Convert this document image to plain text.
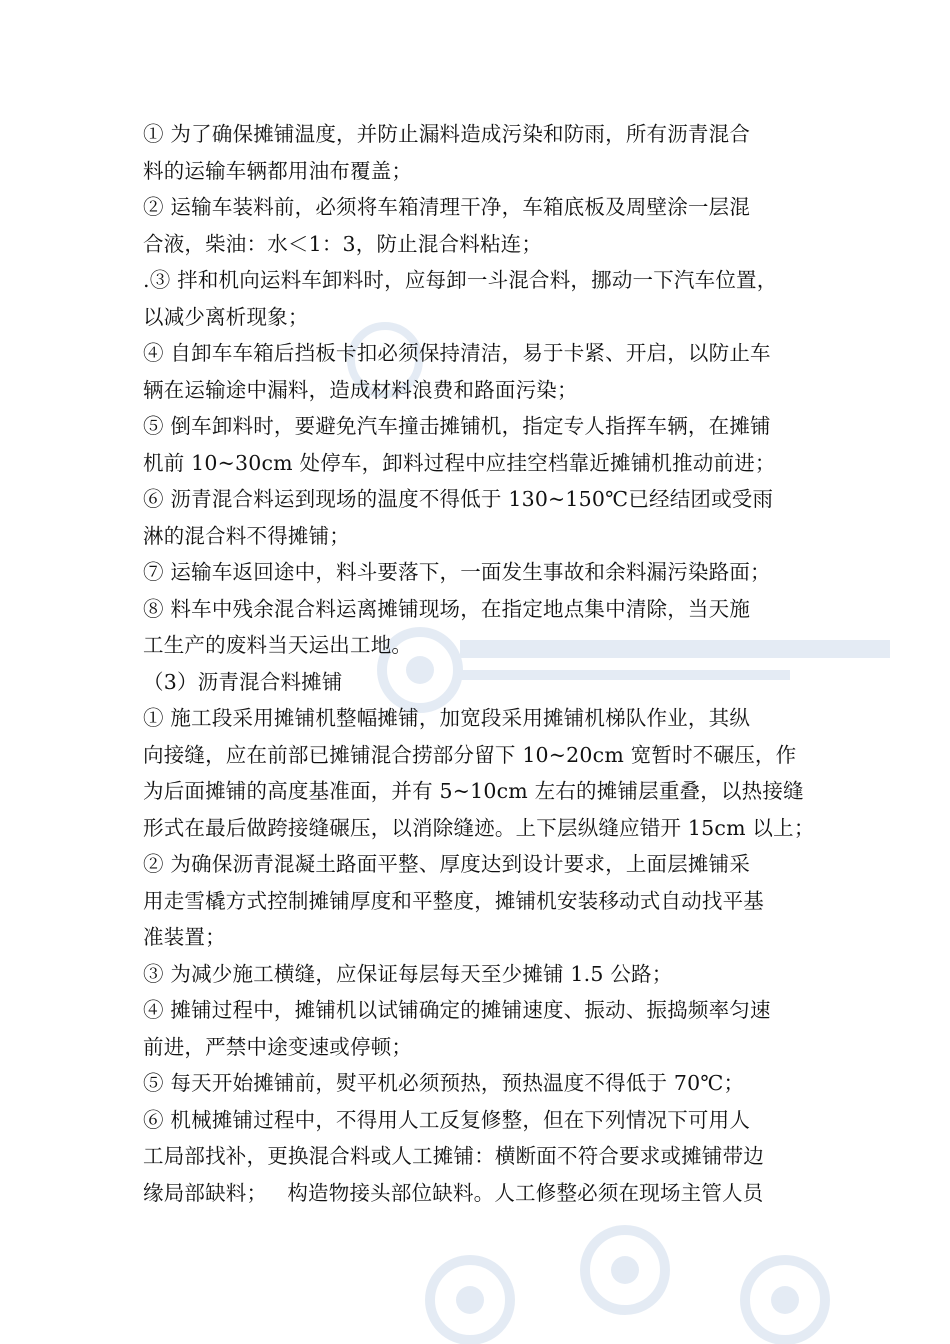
① 为了确保摊铺温度，并防止漏料造成污染和防雨，所有沥青混合

料的运输车辆都用油布覆盖；

② 运输车装料前，必须将车箱清理干净，车箱底板及周壁涂一层混

合液，柴油：水＜1：3，防止混合料粘连；

.③ 拌和机向运料车卸料时，应每卸一斗混合料，挪动一下汽车位置，

以减少离析现象；

④ 自卸车车箱后挡板卡扣必须保持清洁，易于卡紧、开启，以防止车

辆在运输途中漏料，造成材料浪费和路面污染；

⑤ 倒车卸料时，要避免汽车撞击摊铺机，指定专人指挥车辆，在摊铺

机前 10~30cm 处停车，卸料过程中应挂空档靠近摊铺机推动前进；

⑥ 沥青混合料运到现场的温度不得低于 130~150℃已经结团或受雨

淋的混合料不得摊铺；

⑦ 运输车返回途中，料斗要落下，一面发生事故和余料漏污染路面；

⑧ 料车中残余混合料运离摊铺现场，在指定地点集中清除，当天施

工生产的废料当天运出工地。

（3）沥青混合料摊铺

① 施工段采用摊铺机整幅摊铺，加宽段采用摊铺机梯队作业，其纵

向接缝，应在前部已摊铺混合捞部分留下 10~20cm 宽暂时不碾压，作

为后面摊铺的高度基准面，并有 5~10cm 左右的摊铺层重叠，以热接缝

形式在最后做跨接缝碾压，以消除缝迹。上下层纵缝应错开 15cm 以上；

② 为确保沥青混凝土路面平整、厚度达到设计要求，上面层摊铺采

用走雪橇方式控制摊铺厚度和平整度，摊铺机安装移动式自动找平基

准装置；

③ 为减少施工横缝，应保证每层每天至少摊铺 1.5 公路；

④ 摊铺过程中，摊铺机以试铺确定的摊铺速度、振动、振捣频率匀速

前进，严禁中途变速或停顿；

⑤ 每天开始摊铺前，熨平机必须预热，预热温度不得低于 70℃；

⑥ 机械摊铺过程中，不得用人工反复修整，但在下列情况下可用人

工局部找补，更换混合料或人工摊铺：横断面不符合要求或摊铺带边

缘局部缺料；   构造物接头部位缺料。人工修整必须在现场主管人员
